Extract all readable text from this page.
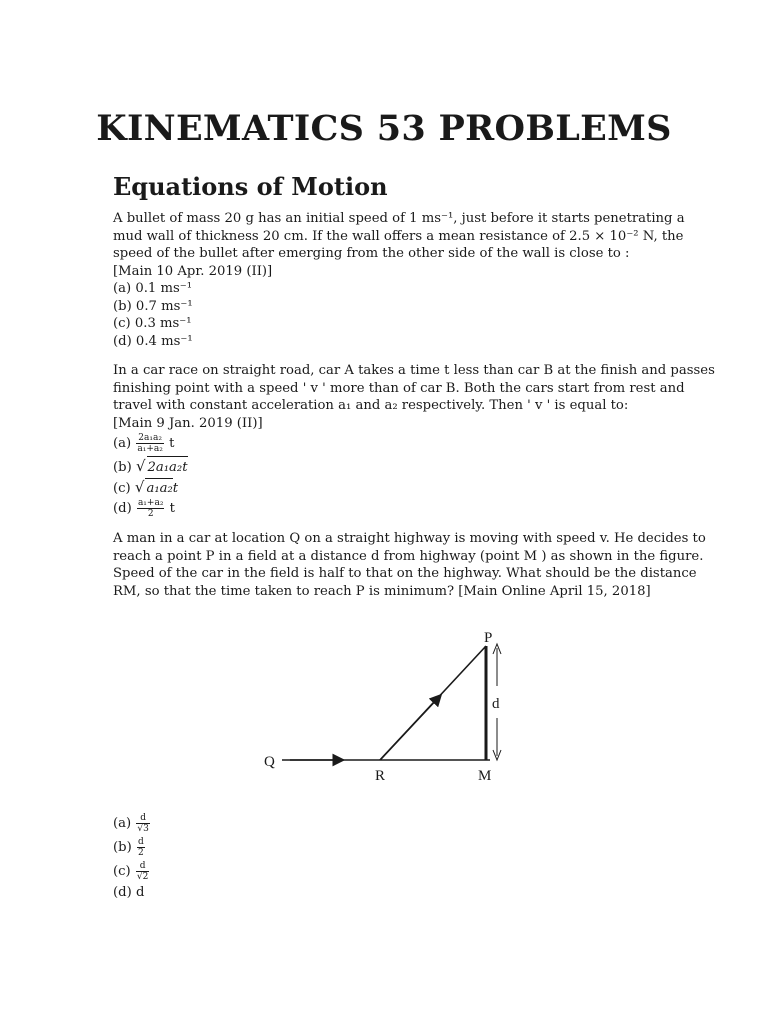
KINEMATICS 53 PROBLEMS
Equations of Motion
A bullet of mass 20 g has an initial speed of 1 ms⁻¹, just before it starts penetrating a
mud wall of thickness 20 cm. If the wall offers a mean resistance of 2.5 × 10⁻² N, the
speed of the bullet after emerging from the other side of the wall is close to :
[Main 10 Apr. 2019 (II)]
(a) 0.1 ms⁻¹
(b) 0.7 ms⁻¹
(c) 0.3 ms⁻¹
(d) 0.4 ms⁻¹
In a car race on straight road, car A takes a time t less than car B at the finish and passes
finishing point with a speed ' v ' more than of car B. Both the cars start from rest and
travel with constant acceleration a₁ and a₂ respectively. Then ' v ' is equal to:
[Main 9 Jan. 2019 (II)]
$(a) \frac{\text{2a₁a₂}}{\text{a₁+a₂}}$ t
(b) √ 2a₁a₂t
(c) √ a₁a₂t
$(d) \frac{\text{a₁+a₂}}{2}$ t
A man in a car at location Q on a straight highway is moving with speed v. He decides to
reach a point P in a field at a distance d from highway (point M ) as shown in the figure.
Speed of the car in the field is half to that on the highway. What should be the distance
RM, so that the time taken to reach P is minimum? [Main Online April 15, 2018]
P
Q
R	M
d
$(a) \frac{d}{√3}$
$(b) \frac{d}{2}$
$(c) \frac{d}{√2}$
(d) d
